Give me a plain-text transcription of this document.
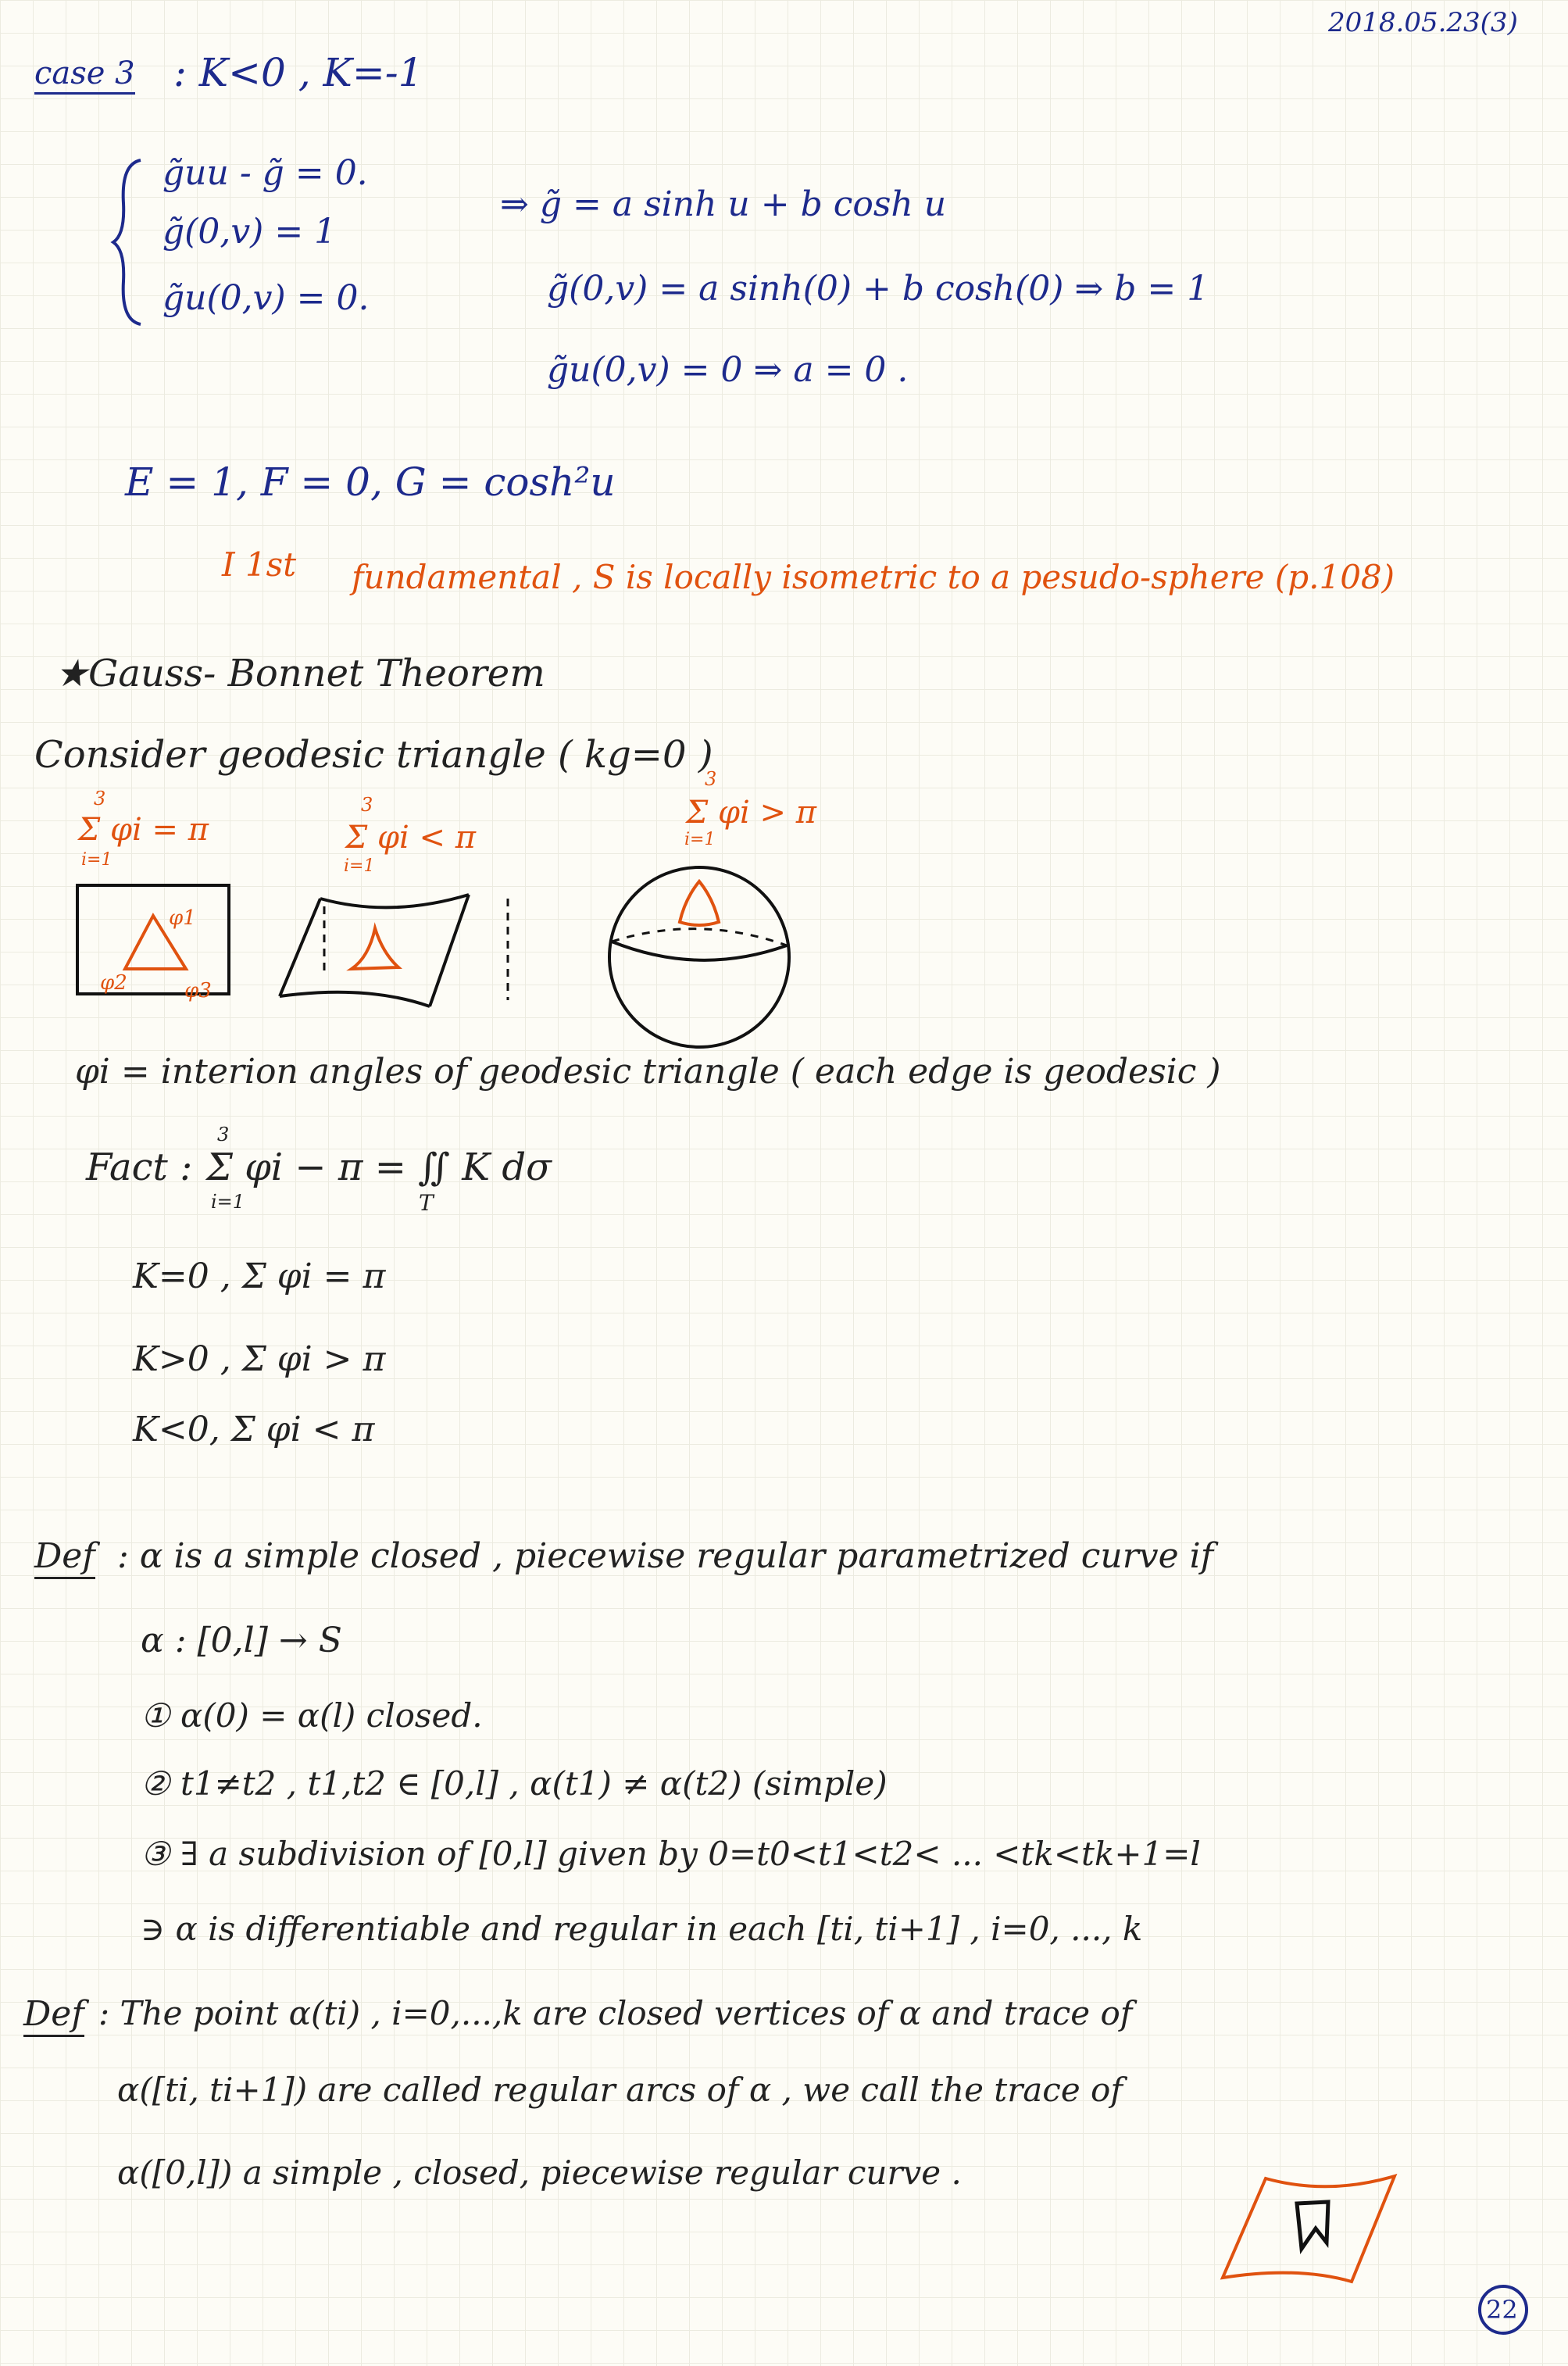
2018.05.23(3)
case 3 : K<0 , K=-1
g̃uu - g̃ = 0.
g̃(0,v) = 1
g̃u(0,v) = 0.
⇒ g̃ = a sinh u + b cosh u
g̃(0,v) = a sinh(0) + b cosh(0) ⇒ b = 1
g̃u(0,v) = 0 ⇒ a = 0 .
E = 1, F = 0, G = cosh²u
I 1st fundamental , S is locally isometric to a pesudo-sphere (p.108)
★Gauss- Bonnet Theorem
Consider geodesic triangle ( kg=0 )
3
Σ φi = π
i=1
3
Σ φi < π
i=1
3
Σ φi > π
i=1
φ1
φ2	φ3
φi = interion angles of geodesic triangle ( each edge is geodesic )
Fact :
3
Σ φi − π = ∬ K dσ
i=1	T
K=0 , Σ φi = π
K>0 , Σ φi > π
K<0, Σ φi < π
Def : α is a simple closed , piecewise regular parametrized curve if
α : [0,l] → S
① α(0) = α(l) closed.
② t1≠t2 , t1,t2 ∈ [0,l] , α(t1) ≠ α(t2) (simple)
③ ∃ a subdivision of [0,l] given by 0=t0<t1<t2< ... <tk<tk+1=l
∋ α is differentiable and regular in each [ti, ti+1] , i=0, ..., k
Def : The point α(ti) , i=0,...,k are closed vertices of α and trace of
α([ti, ti+1]) are called regular arcs of α , we call the trace of
α([0,l]) a simple , closed, piecewise regular curve .
22
